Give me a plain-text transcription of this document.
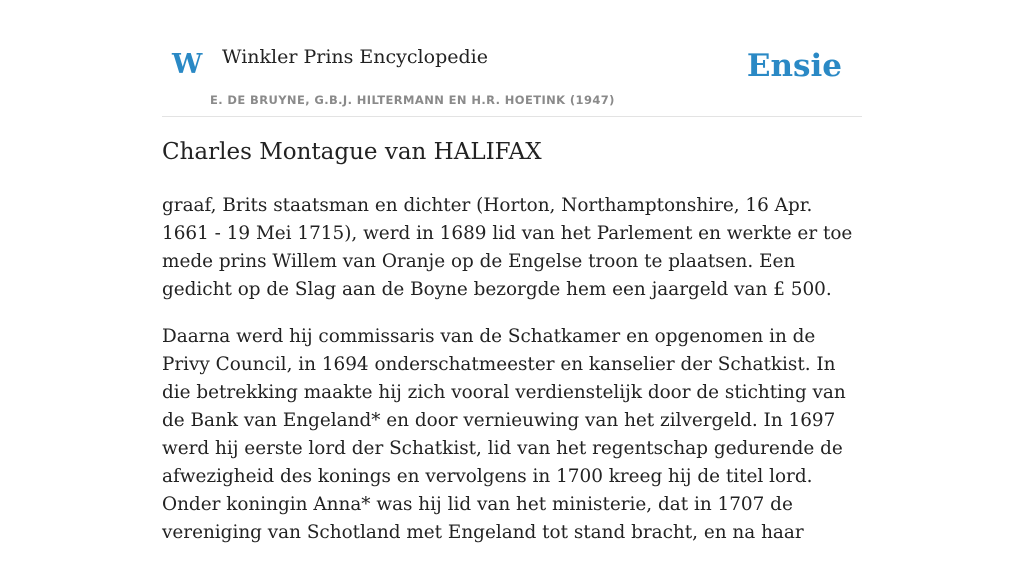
W Winkler Prins Encyclopedie
E. DE BRUYNE, G.B.J. HILTERMANN EN H.R. HOETINK (1947)
Ensie
Charles Montague van HALIFAX

graaf, Brits staatsman en dichter (Horton, Northamptonshire, 16 Apr. 1661 - 19 Mei 1715), werd in 1689 lid van het Parlement en werkte er toe mede prins Willem van Oranje op de Engelse troon te plaatsen. Een gedicht op de Slag aan de Boyne bezorgde hem een jaargeld van £ 500.

Daarna werd hij commissaris van de Schatkamer en opgenomen in de Privy Council, in 1694 onderschatmeester en kanselier der Schatkist. In die betrekking maakte hij zich vooral verdienstelijk door de stichting van de Bank van Engeland* en door vernieuwing van het zilvergeld. In 1697 werd hij eerste lord der Schatkist, lid van het regentschap gedurende de afwezigheid des konings en vervolgens in 1700 kreeg hij de titel lord. Onder koningin Anna* was hij lid van het ministerie, dat in 1707 de vereniging van Schotland met Engeland tot stand bracht, en na haar
